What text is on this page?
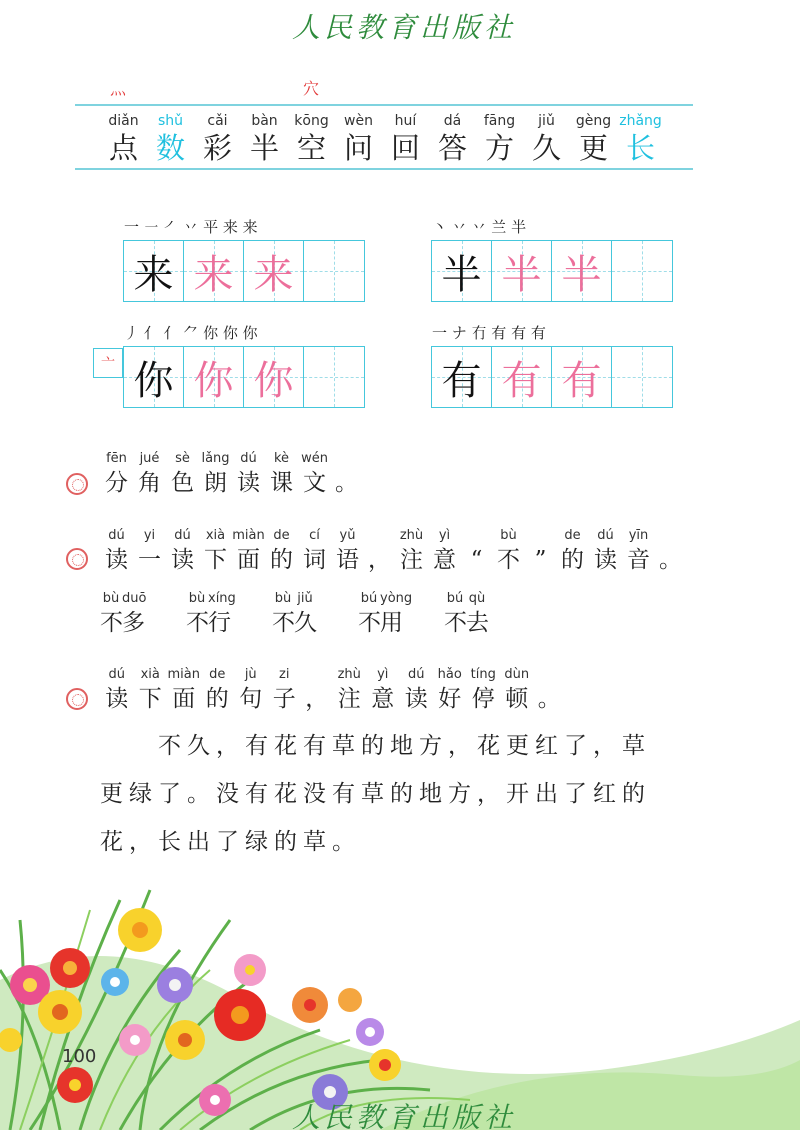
人民教育出版社
灬	穴
diǎn
点
shǔ
数
cǎi
彩
bàn
半
kōng
空
wèn
问
huí
回
dá
答
fāng
方
jiǔ
久
gèng
更
zhǎng
长
一 ㇐ ㇒ 丷 平 来 来
来 来 来
丶 丷 丷 兰 半
半 半 半
丿 亻 亻 ⺈ 你 你 你
亠 你 你 你
一 ナ 冇 有 有 有
有 有 有
fēn
分
jué
角
sè
色
lǎng
朗
dú
读
kè
课
wén
文 。
dú
读
yi
一
dú
读
xià
下
miàn
面
de
的
cí
词
yǔ
语 ，
zhù
注
yì
意 “
bù
不 ”
de
的
dú
读
yīn
音 。
bù
不
duō
多
bù
不
xíng
行
bù
不
jiǔ
久
bú
不
yòng
用
bú
不
qù
去
dú
读
xià
下
miàn
面
de
的
jù
句
zi
子 ，
zhù
注
yì
意
dú
读
hǎo
好
tíng
停
dùn
顿 。
　　不久，有花有草的地方，花更红了，草
更绿了。没有花没有草的地方，开出了红的
花，长出了绿的草。
人民教育出版社
100
